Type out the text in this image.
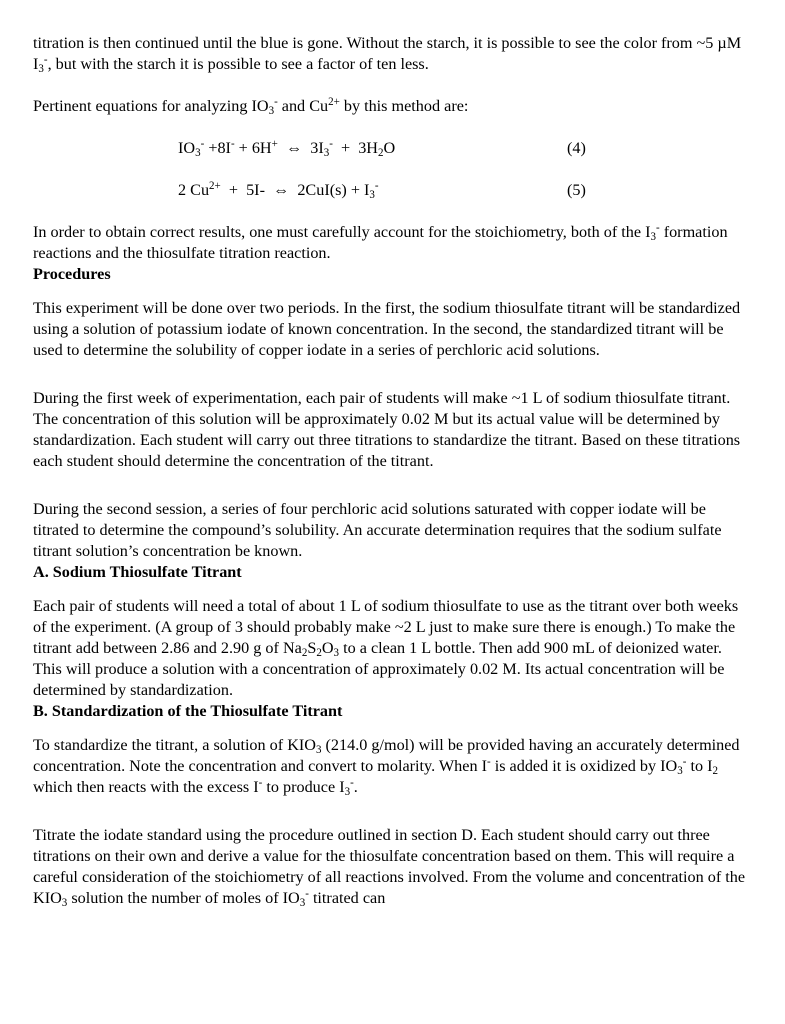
titration is then continued until the blue is gone. Without the starch, it is possible to see the color from ~5 µM $I_3^-$, but with the starch it is possible to see a factor of ten less.

Pertinent equations for analyzing $IO_3^-$ and $Cu^{2+}$ by this method are:

$IO_3^- +8I^- + 6H^+$  ⇔  $3I_3^- + 3H_2O$	(4)
2 $Cu^{2+} + 5I-$  ⇔  $2CuI(s) + I_3^-$	(5)

In order to obtain correct results, one must carefully account for the stoichiometry, both of the $I_3^-$ formation reactions and the thiosulfate titration reaction.

Procedures

This experiment will be done over two periods. In the first, the sodium thiosulfate titrant will be standardized using a solution of potassium iodate of known concentration. In the second, the standardized titrant will be used to determine the solubility of copper iodate in a series of perchloric acid solutions.

During the first week of experimentation, each pair of students will make ~1 L of sodium thiosulfate titrant. The concentration of this solution will be approximately 0.02 M but its actual value will be determined by standardization. Each student will carry out three titrations to standardize the titrant. Based on these titrations each student should determine the concentration of the titrant.

During the second session, a series of four perchloric acid solutions saturated with copper iodate will be titrated to determine the compound’s solubility. An accurate determination requires that the sodium sulfate titrant solution’s concentration be known.

A. Sodium Thiosulfate Titrant

Each pair of students will need a total of about 1 L of sodium thiosulfate to use as the titrant over both weeks of the experiment. (A group of 3 should probably make ~2 L just to make sure there is enough.) To make the titrant add between 2.86 and 2.90 g of $Na_2S_2O_3$ to a clean 1 L bottle. Then add 900 mL of deionized water. This will produce a solution with a concentration of approximately 0.02 M. Its actual concentration will be determined by standardization.

B. Standardization of the Thiosulfate Titrant

To standardize the titrant, a solution of $KIO_3$ (214.0 g/mol) will be provided having an accurately determined concentration. Note the concentration and convert to molarity. When I- is added it is oxidized by $IO_3^-$ to $I_2$ which then reacts with the excess I- to produce $I_3^-$.

Titrate the iodate standard using the procedure outlined in section D. Each student should carry out three titrations on their own and derive a value for the thiosulfate concentration based on them. This will require a careful consideration of the stoichiometry of all reactions involved. From the volume and concentration of the $KIO_3$ solution the number of moles of $IO_3^-$ titrated can
